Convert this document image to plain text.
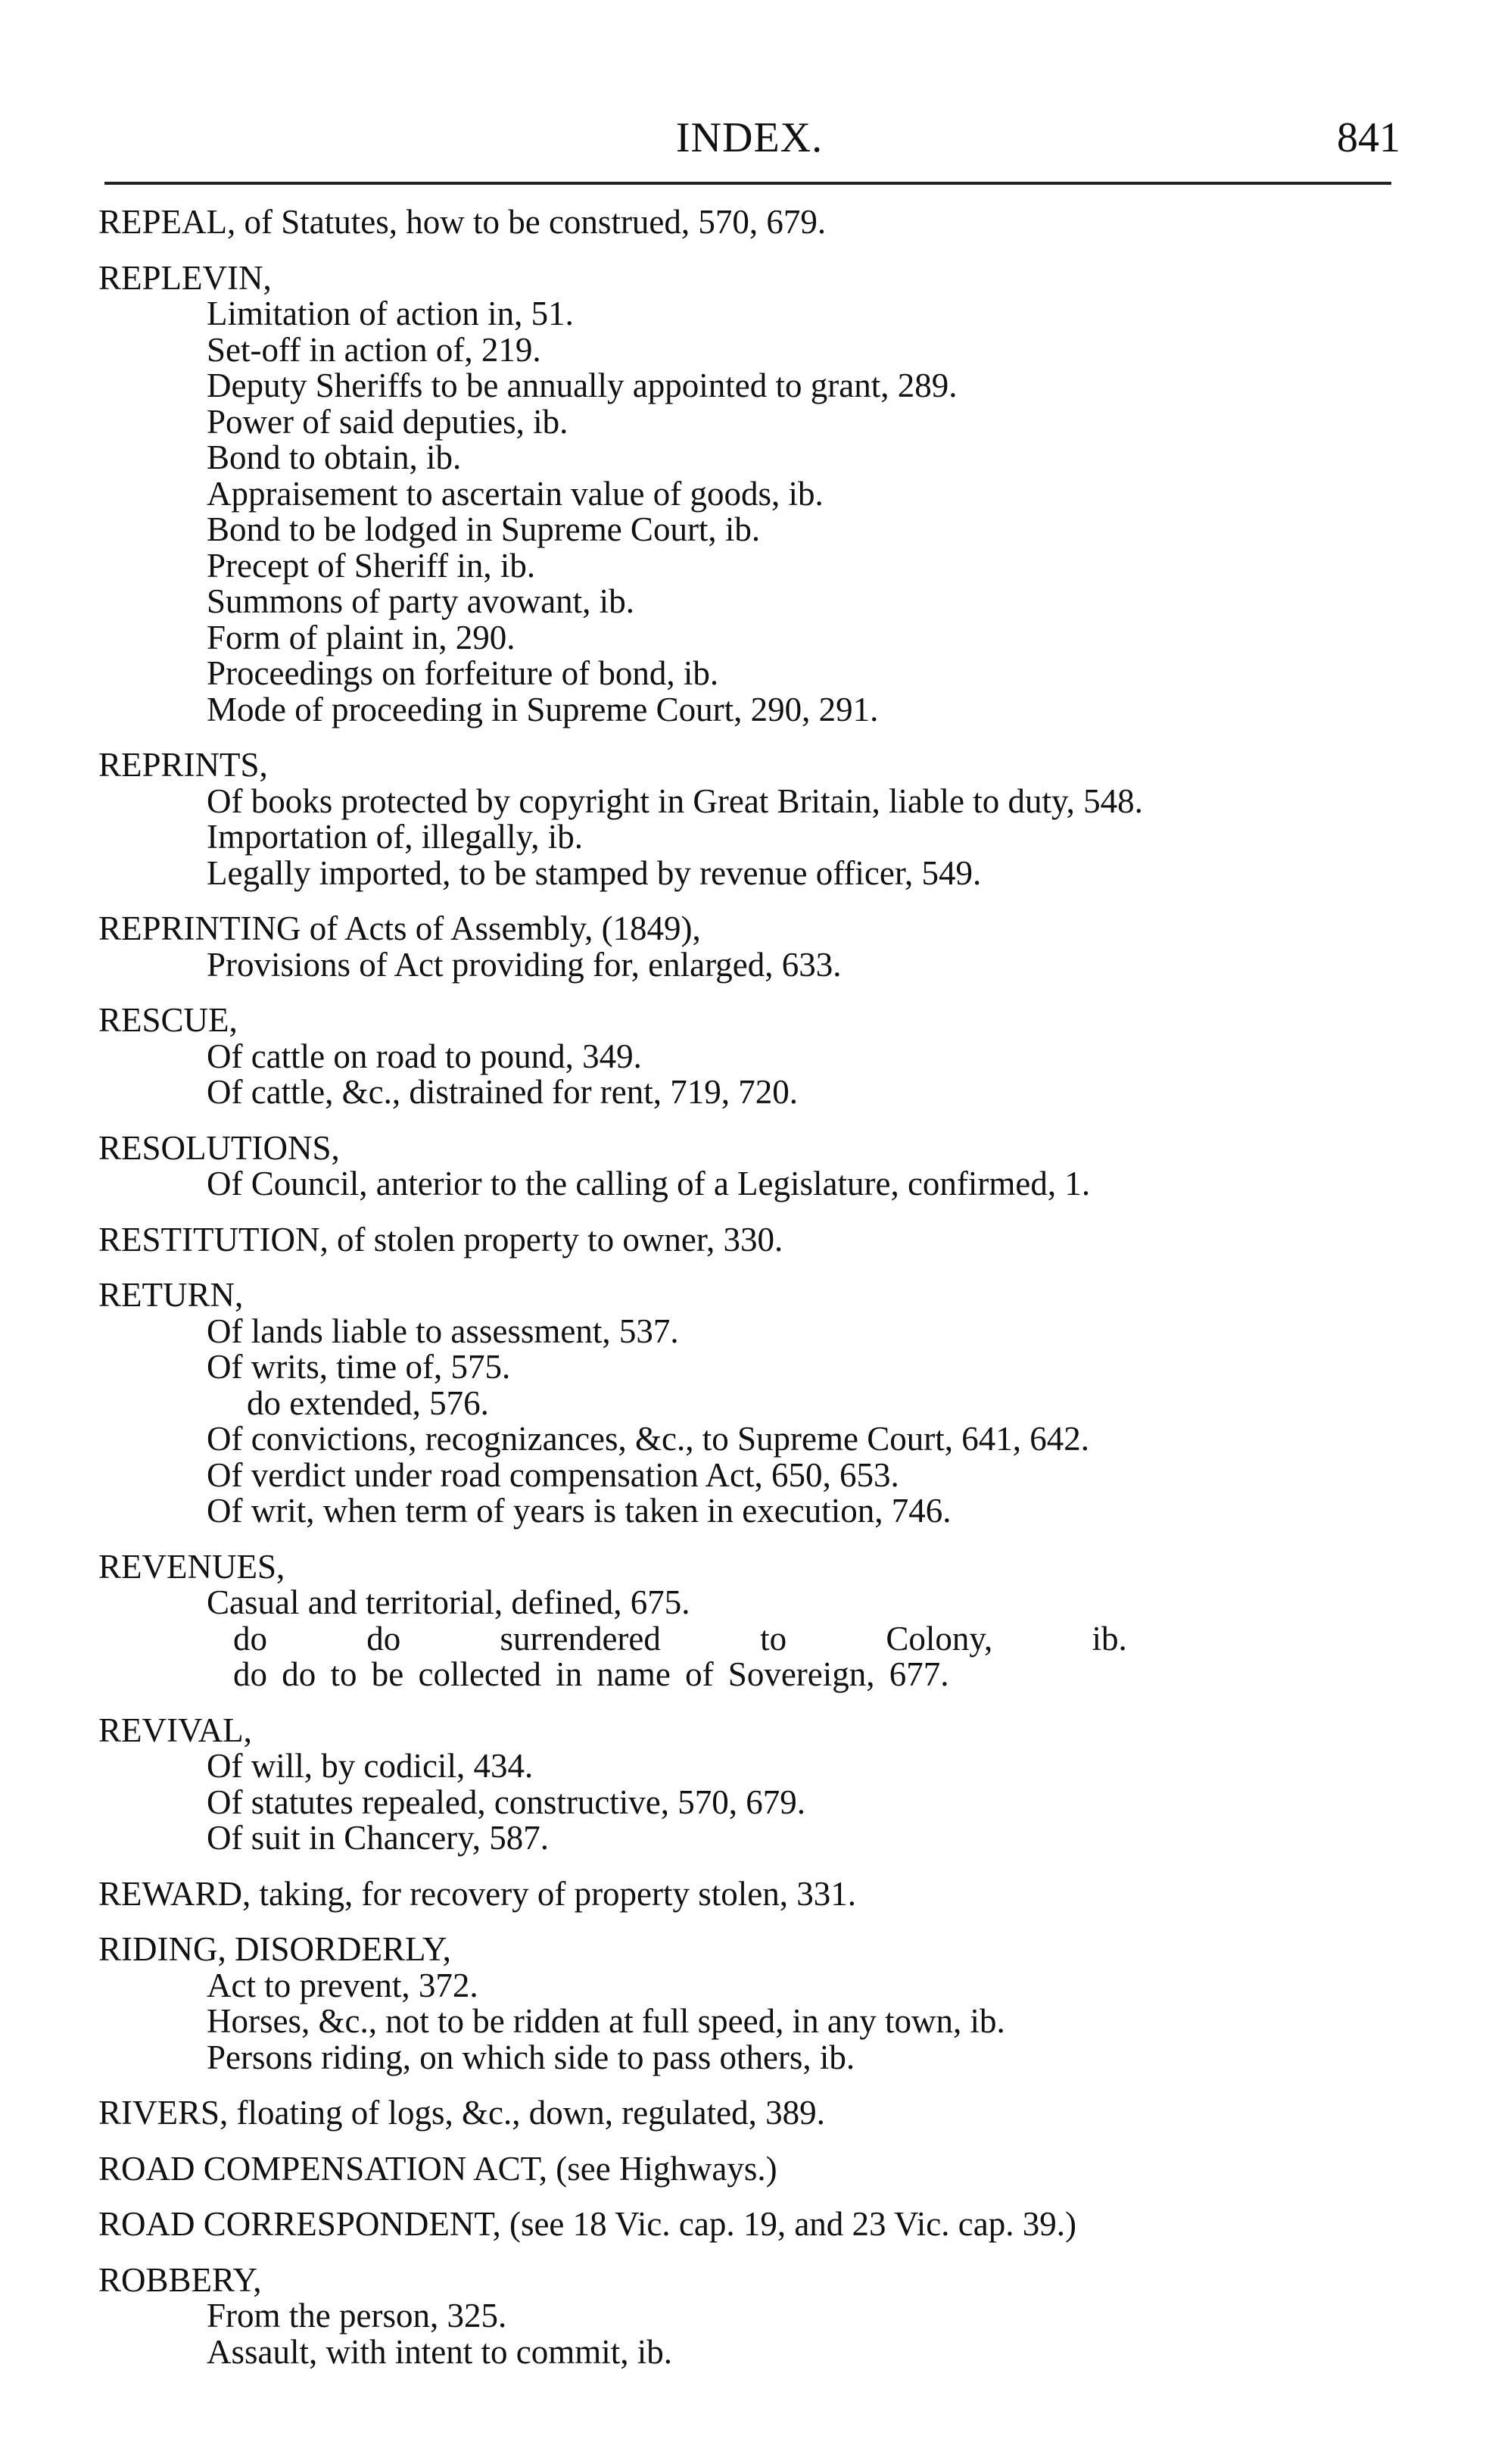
INDEX.	841
REPEAL, of Statutes, how to be construed, 570, 679.
REPLEVIN,
Limitation of action in, 51.
Set-off in action of, 219.
Deputy Sheriffs to be annually appointed to grant, 289.
Power of said deputies, ib.
Bond to obtain, ib.
Appraisement to ascertain value of goods, ib.
Bond to be lodged in Supreme Court, ib.
Precept of Sheriff in, ib.
Summons of party avowant, ib.
Form of plaint in, 290.
Proceedings on forfeiture of bond, ib.
Mode of proceeding in Supreme Court, 290, 291.
REPRINTS,
Of books protected by copyright in Great Britain, liable to duty, 548.
Importation of, illegally, ib.
Legally imported, to be stamped by revenue officer, 549.
REPRINTING of Acts of Assembly, (1849),
Provisions of Act providing for, enlarged, 633.
RESCUE,
Of cattle on road to pound, 349.
Of cattle, &c., distrained for rent, 719, 720.
RESOLUTIONS,
Of Council, anterior to the calling of a Legislature, confirmed, 1.
RESTITUTION, of stolen property to owner, 330.
RETURN,
Of lands liable to assessment, 537.
Of writs, time of, 575.
do extended, 576.
Of convictions, recognizances, &c., to Supreme Court, 641, 642.
Of verdict under road compensation Act, 650, 653.
Of writ, when term of years is taken in execution, 746.
REVENUES,
Casual and territorial, defined, 675.
do do surrendered to Colony, ib.
do do to be collected in name of Sovereign, 677.
REVIVAL,
Of will, by codicil, 434.
Of statutes repealed, constructive, 570, 679.
Of suit in Chancery, 587.
REWARD, taking, for recovery of property stolen, 331.
RIDING, DISORDERLY,
Act to prevent, 372.
Horses, &c., not to be ridden at full speed, in any town, ib.
Persons riding, on which side to pass others, ib.
RIVERS, floating of logs, &c., down, regulated, 389.
ROAD COMPENSATION ACT, (see Highways.)
ROAD CORRESPONDENT, (see 18 Vic. cap. 19, and 23 Vic. cap. 39.)
ROBBERY,
From the person, 325.
Assault, with intent to commit, ib.
